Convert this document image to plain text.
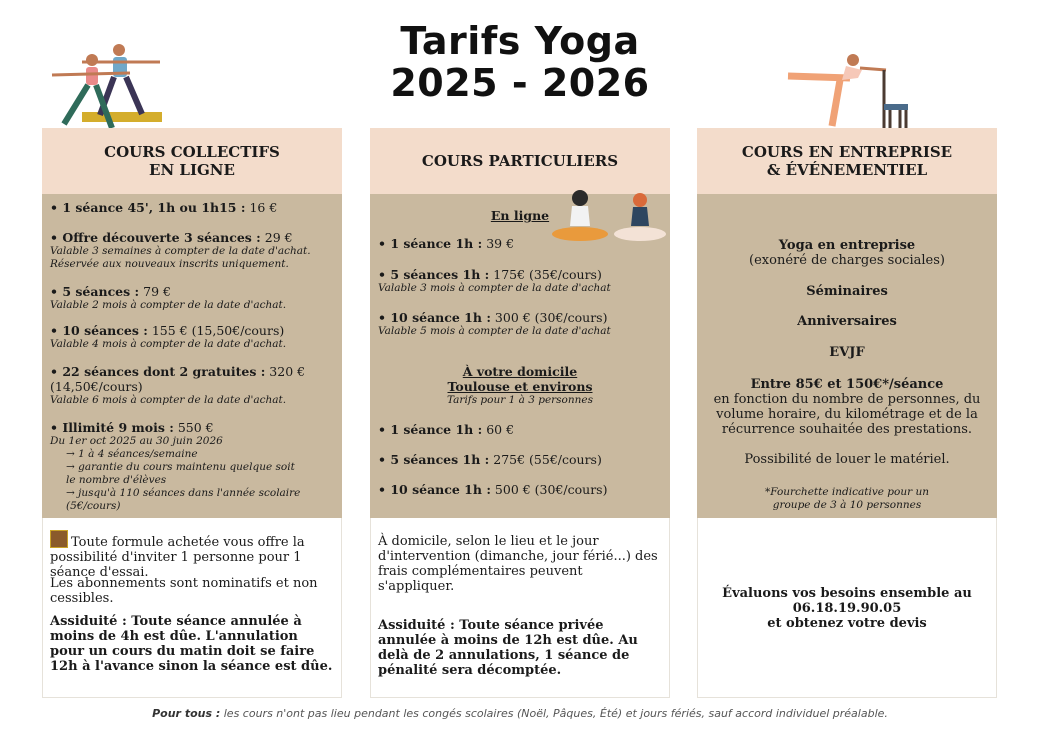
Tarifs Yoga
2025 - 2026
COURS COLLECTIFS
EN LIGNE
• 1 séance 45', 1h ou 1h15 : 16 €
• Offre découverte 3 séances : 29 €
Valable 3 semaines à compter de la date d'achat.
Réservée aux nouveaux inscrits uniquement.
• 5 séances : 79 €
Valable 2 mois à compter de la date d'achat.
• 10 séances : 155 € (15,50€/cours)
Valable 4 mois à compter de la date d'achat.
• 22 séances dont 2 gratuites : 320 €
(14,50€/cours)
Valable 6 mois à compter de la date d'achat.
• Illimité 9 mois : 550 €
Du 1er oct 2025 au 30 juin 2026
→ 1 à 4 séances/semaine
→ garantie du cours maintenu quelque soit
le nombre d'élèves
→ jusqu'à 110 séances dans l'année scolaire
(5€/cours)
Toute formule achetée vous offre la possibilité d'inviter 1 personne pour 1 séance d'essai.
Les abonnements sont nominatifs et non cessibles.
Assiduité : Toute séance annulée à moins de 4h est dûe. L'annulation pour un cours du matin doit se faire 12h à l'avance sinon la séance est dûe.
COURS PARTICULIERS
En ligne
• 1 séance 1h : 39 €
• 5 séances 1h : 175€ (35€/cours)
Valable 3 mois à compter de la date d'achat
• 10 séance 1h : 300 € (30€/cours)
Valable 5 mois à compter de la date d'achat
À votre domicile
Toulouse et environs
Tarifs pour 1 à 3 personnes
• 1 séance 1h : 60 €
• 5 séances 1h : 275€ (55€/cours)
• 10 séance 1h : 500 € (30€/cours)
À domicile, selon le lieu et le jour d'intervention (dimanche, jour férié...) des frais complémentaires peuvent s'appliquer.
Assiduité : Toute séance privée annulée à moins de 12h est dûe. Au delà de 2 annulations, 1 séance de pénalité sera décomptée.
COURS EN ENTREPRISE
& ÉVÉNEMENTIEL
Yoga en entreprise
(exonéré de charges sociales)
Séminaires
Anniversaires
EVJF
Entre 85€ et 150€*/séance
en fonction du nombre de personnes, du volume horaire, du kilométrage et de la récurrence souhaitée des prestations.
Possibilité de louer le matériel.
*Fourchette indicative pour un groupe de 3 à 10 personnes
Évaluons vos besoins ensemble au
06.18.19.90.05
et obtenez votre devis
Pour tous : les cours n'ont pas lieu pendant les congés scolaires (Noël, Pâques, Été) et jours fériés, sauf accord individuel préalable.
